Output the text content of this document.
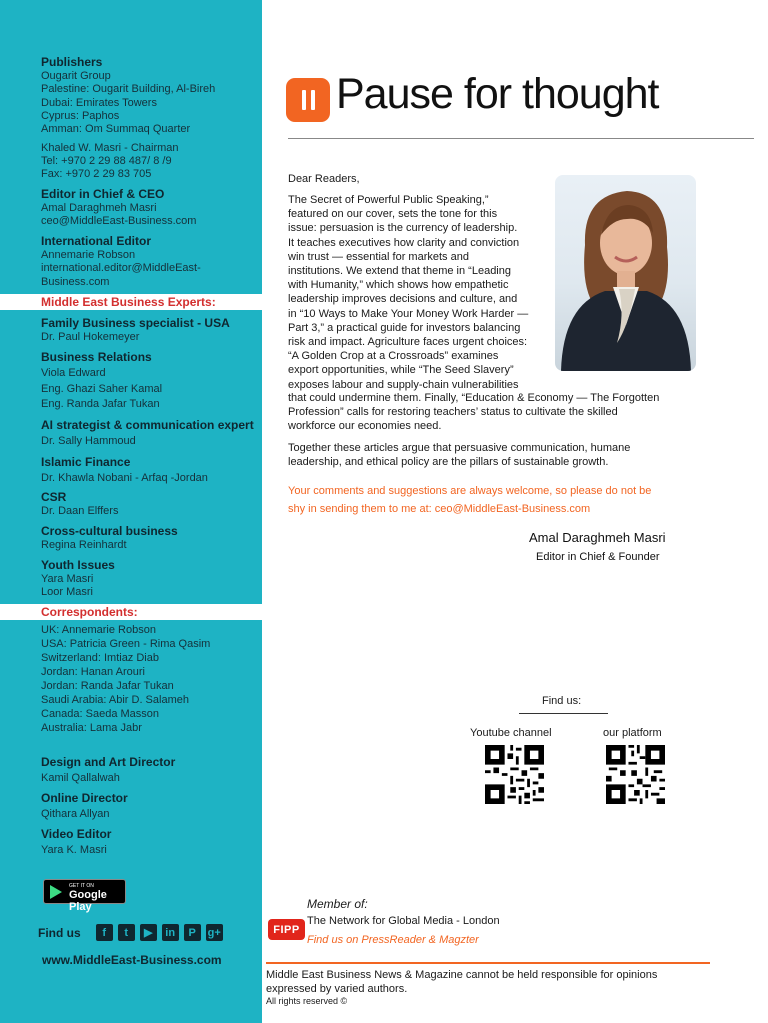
Publishers
Ougarit Group
Palestine: Ougarit Building, Al-Bireh
Dubai: Emirates Towers
Cyprus: Paphos
Amman: Om Summaq Quarter
Khaled W. Masri - Chairman
Tel: +970 2 29 88 487/ 8 /9
Fax: +970 2 29 83 705
Editor in Chief & CEO
Amal Daraghmeh Masri
ceo@MiddleEast-Business.com
International Editor
Annemarie Robson
international.editor@MiddleEast-
Business.com
Middle East Business Experts:
Family Business specialist - USA
Dr. Paul Hokemeyer
Business Relations
Viola Edward
Eng. Ghazi Saher Kamal
Eng. Randa Jafar Tukan
AI strategist & communication expert
Dr. Sally Hammoud
Islamic Finance
Dr. Khawla Nobani - Arfaq -Jordan
CSR
Dr. Daan Elffers
Cross-cultural business
Regina Reinhardt
Youth Issues
Yara Masri
Loor Masri
Correspondents:
UK: Annemarie Robson
USA: Patricia Green - Rima Qasim
Switzerland: Imtiaz Diab
Jordan: Hanan Arouri
Jordan: Randa Jafar Tukan
Saudi Arabia: Abir D. Salameh
Canada: Saeda Masson
Australia: Lama Jabr
Design and Art Director
Kamil Qallalwah
Online Director
Qithara Allyan
Video Editor
Yara K. Masri
GET IT ON
Google Play
Find us	f	t	▶	in	P	g+
www.MiddleEast-Business.com
Pause for thought
Dear Readers,
The Secret of Powerful Public Speaking,”
featured on our cover, sets the tone for this
issue: persuasion is the currency of leadership.
It teaches executives how clarity and conviction
win trust — essential for markets and
institutions. We extend that theme in “Leading
with Humanity,” which shows how empathetic
leadership improves decisions and culture, and
in “10 Ways to Make Your Money Work Harder —
Part 3,” a practical guide for investors balancing
risk and impact. Agriculture faces urgent choices:
“A Golden Crop at a Crossroads” examines
export opportunities, while “The Seed Slavery”
exposes labour and supply-chain vulnerabilities
that could undermine them. Finally, “Education & Economy — The Forgotten
Profession” calls for restoring teachers’ status to cultivate the skilled
workforce our economies need.
Together these articles argue that persuasive communication, humane
leadership, and ethical policy are the pillars of sustainable growth.
Your comments and suggestions are always welcome, so please do not be
shy in sending them to me at: ceo@MiddleEast-Business.com
Amal Daraghmeh Masri
Editor in Chief & Founder
Find us:
Youtube channel	our platform
Member of:
FIPP
The Network for Global Media - London
Find us on PressReader & Magzter
Middle East Business News & Magazine cannot be held responsible for opinions
expressed by varied authors.
All rights reserved ©
